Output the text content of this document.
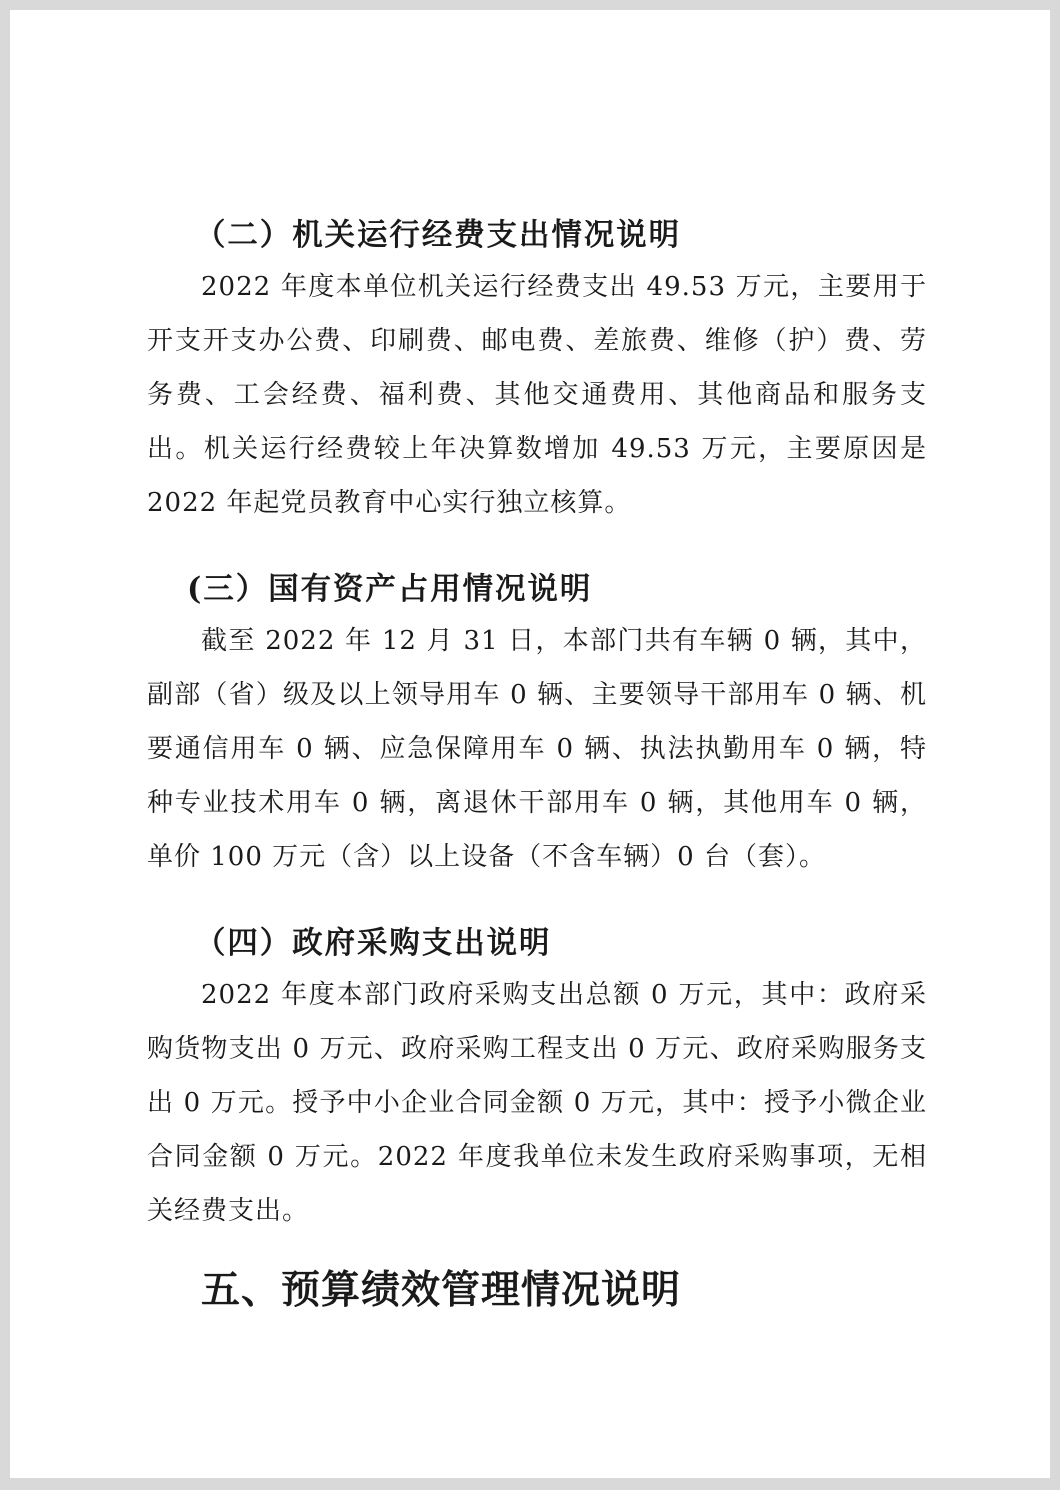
（二）机关运行经费支出情况说明

2022 年度本单位机关运行经费支出 49.53 万元，主要用于开支开支办公费、印刷费、邮电费、差旅费、维修（护）费、劳务费、工会经费、福利费、其他交通费用、其他商品和服务支出。机关运行经费较上年决算数增加 49.53 万元，主要原因是 2022 年起党员教育中心实行独立核算。

(三）国有资产占用情况说明

截至 2022 年 12 月 31 日，本部门共有车辆 0 辆，其中，副部（省）级及以上领导用车 0 辆、主要领导干部用车 0 辆、机要通信用车 0 辆、应急保障用车 0 辆、执法执勤用车 0 辆，特种专业技术用车 0 辆，离退休干部用车 0 辆，其他用车 0 辆，单价 100 万元（含）以上设备（不含车辆）0 台（套）。

（四）政府采购支出说明

2022 年度本部门政府采购支出总额 0 万元，其中：政府采购货物支出 0 万元、政府采购工程支出 0 万元、政府采购服务支出 0 万元。授予中小企业合同金额 0 万元，其中：授予小微企业合同金额 0 万元。2022 年度我单位未发生政府采购事项，无相关经费支出。

五、预算绩效管理情况说明
